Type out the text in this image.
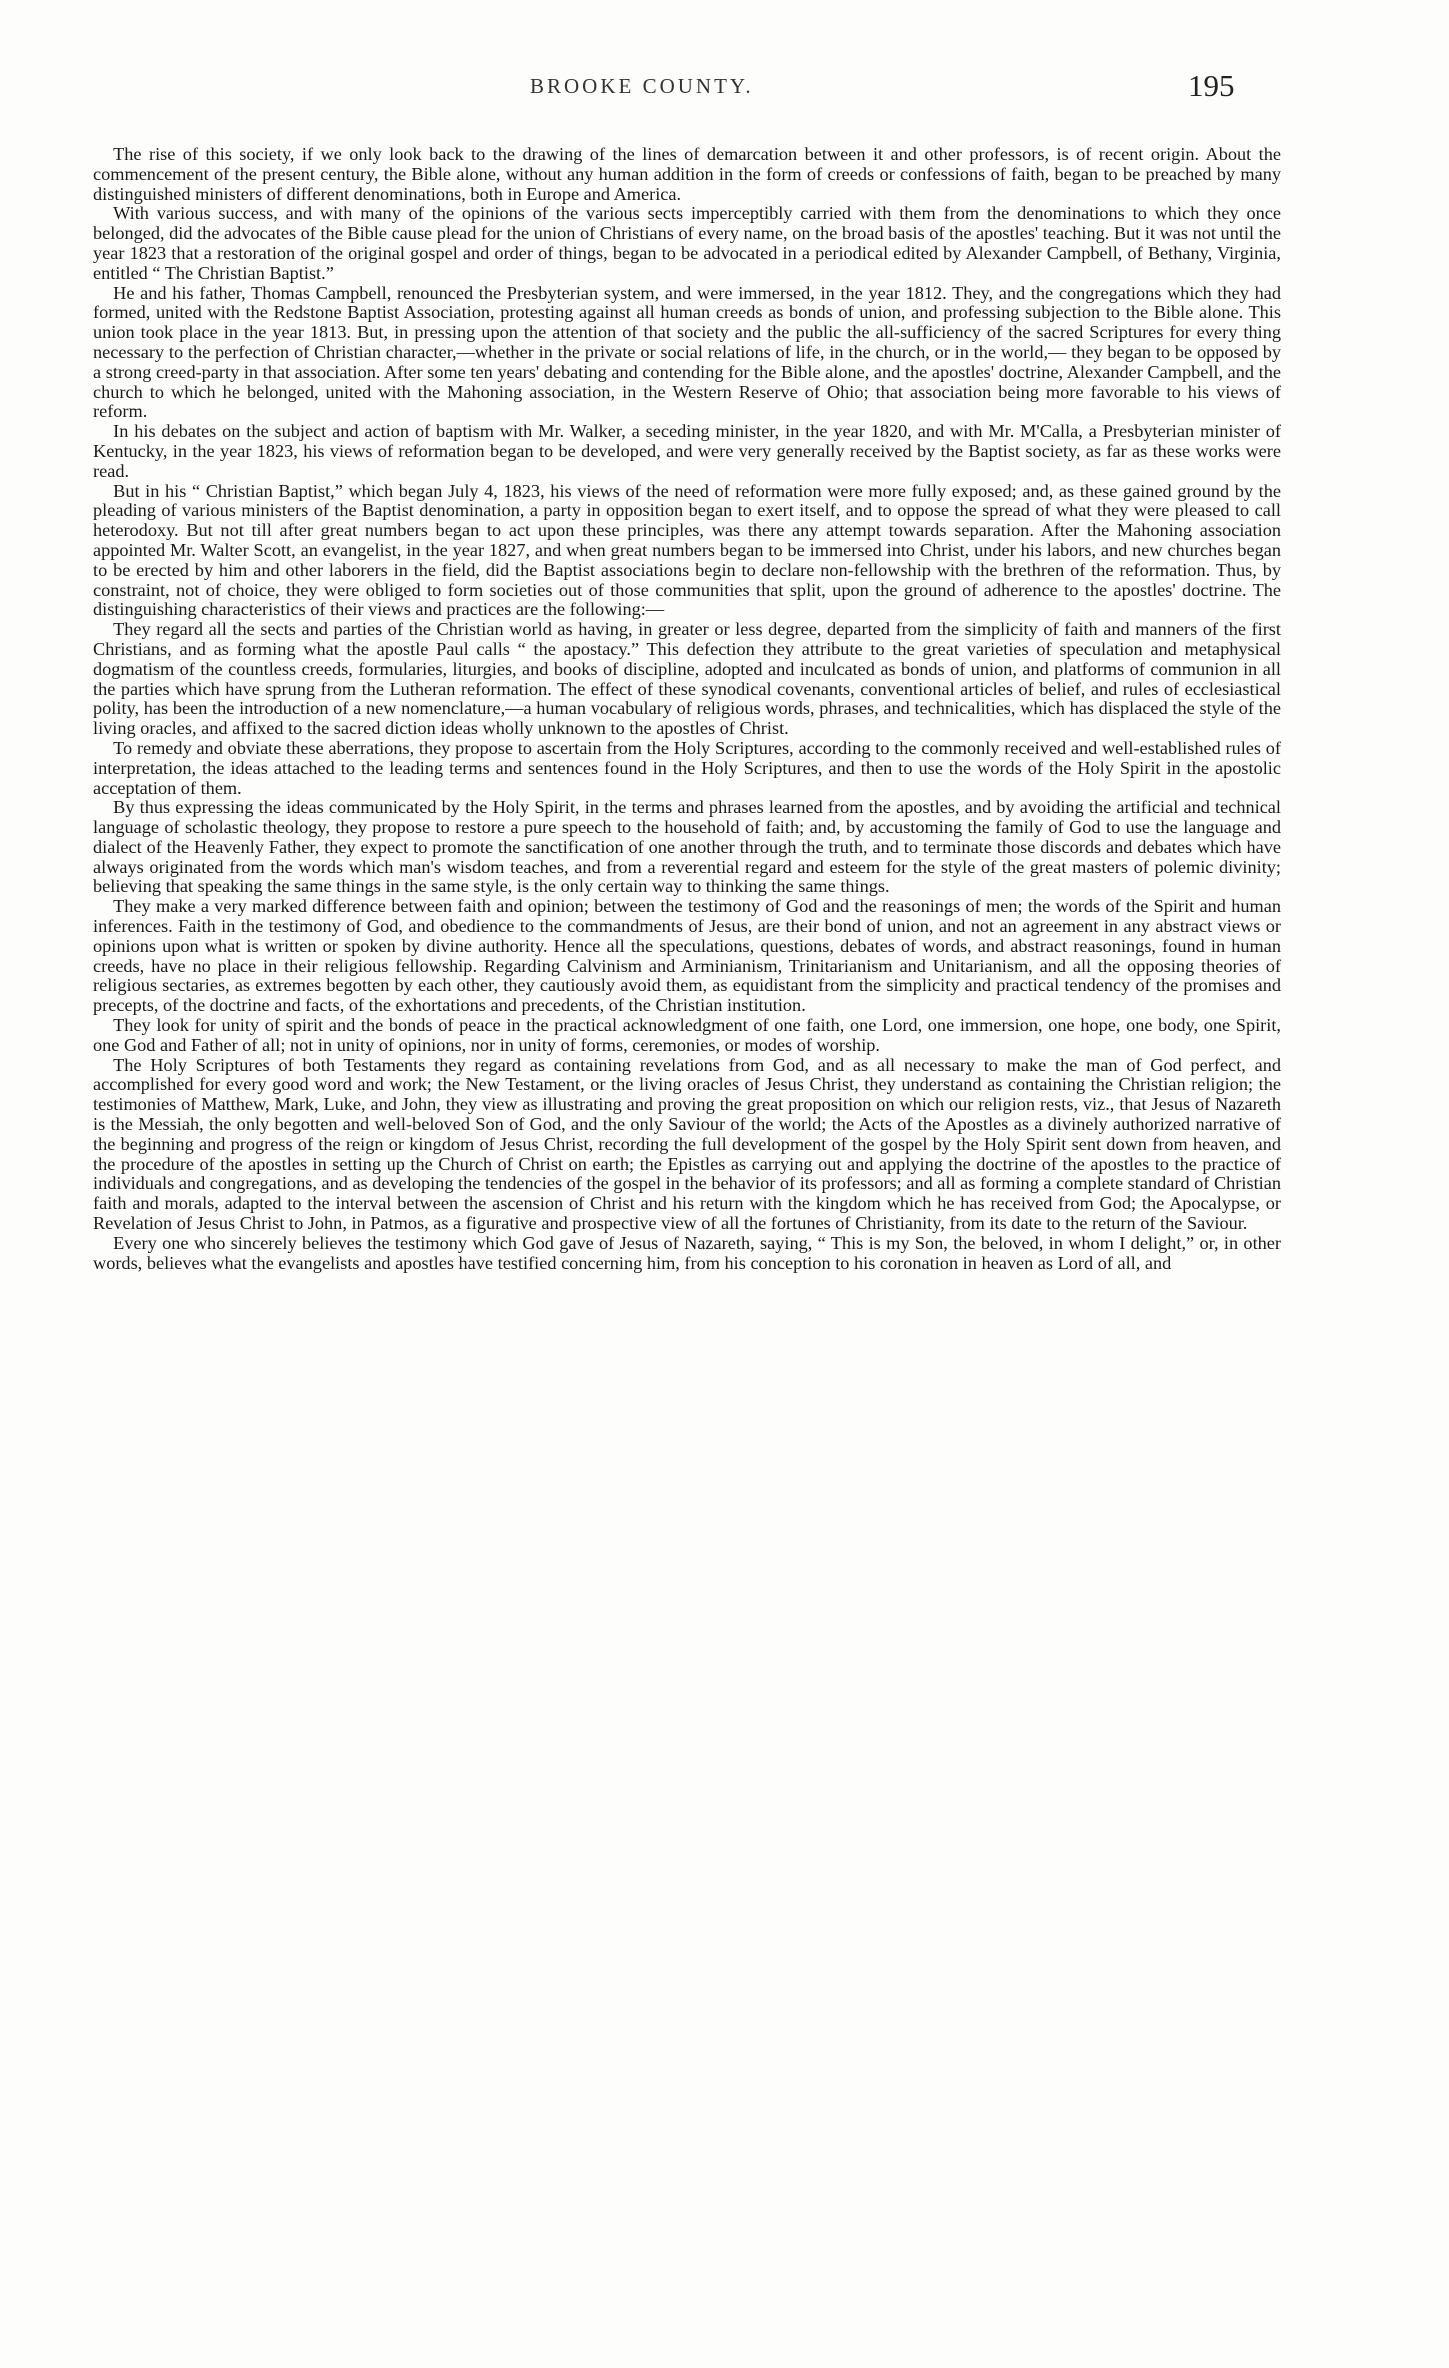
BROOKE COUNTY.	195

The rise of this society, if we only look back to the drawing of the lines of demarcation between it and other professors, is of recent origin. About the commencement of the present century, the Bible alone, without any human addition in the form of creeds or confessions of faith, began to be preached by many distinguished ministers of different denominations, both in Europe and America.

With various success, and with many of the opinions of the various sects imperceptibly carried with them from the denominations to which they once belonged, did the advocates of the Bible cause plead for the union of Christians of every name, on the broad basis of the apostles' teaching. But it was not until the year 1823 that a restoration of the original gospel and order of things, began to be advocated in a periodical edited by Alexander Campbell, of Bethany, Virginia, entitled “ The Christian Baptist.”

He and his father, Thomas Campbell, renounced the Presbyterian system, and were immersed, in the year 1812. They, and the congregations which they had formed, united with the Redstone Baptist Association, protesting against all human creeds as bonds of union, and professing subjection to the Bible alone. This union took place in the year 1813. But, in pressing upon the attention of that society and the public the all-sufficiency of the sacred Scriptures for every thing necessary to the perfection of Christian character,—whether in the private or social relations of life, in the church, or in the world,— they began to be opposed by a strong creed-party in that association. After some ten years' debating and contending for the Bible alone, and the apostles' doctrine, Alexander Campbell, and the church to which he belonged, united with the Mahoning association, in the Western Reserve of Ohio; that association being more favorable to his views of reform.

In his debates on the subject and action of baptism with Mr. Walker, a seceding minister, in the year 1820, and with Mr. M'Calla, a Presbyterian minister of Kentucky, in the year 1823, his views of reformation began to be developed, and were very generally received by the Baptist society, as far as these works were read.

But in his “ Christian Baptist,” which began July 4, 1823, his views of the need of reformation were more fully exposed; and, as these gained ground by the pleading of various ministers of the Baptist denomination, a party in opposition began to exert itself, and to oppose the spread of what they were pleased to call heterodoxy. But not till after great numbers began to act upon these principles, was there any attempt towards separation. After the Mahoning association appointed Mr. Walter Scott, an evangelist, in the year 1827, and when great numbers began to be immersed into Christ, under his labors, and new churches began to be erected by him and other laborers in the field, did the Baptist associations begin to declare non-fellowship with the brethren of the reformation. Thus, by constraint, not of choice, they were obliged to form societies out of those communities that split, upon the ground of adherence to the apostles' doctrine. The distinguishing characteristics of their views and practices are the following:—

They regard all the sects and parties of the Christian world as having, in greater or less degree, departed from the simplicity of faith and manners of the first Christians, and as forming what the apostle Paul calls “ the apostacy.” This defection they attribute to the great varieties of speculation and metaphysical dogmatism of the countless creeds, formularies, liturgies, and books of discipline, adopted and inculcated as bonds of union, and platforms of communion in all the parties which have sprung from the Lutheran reformation. The effect of these synodical covenants, conventional articles of belief, and rules of ecclesiastical polity, has been the introduction of a new nomenclature,—a human vocabulary of religious words, phrases, and technicalities, which has displaced the style of the living oracles, and affixed to the sacred diction ideas wholly unknown to the apostles of Christ.

To remedy and obviate these aberrations, they propose to ascertain from the Holy Scriptures, according to the commonly received and well-established rules of interpretation, the ideas attached to the leading terms and sentences found in the Holy Scriptures, and then to use the words of the Holy Spirit in the apostolic acceptation of them.

By thus expressing the ideas communicated by the Holy Spirit, in the terms and phrases learned from the apostles, and by avoiding the artificial and technical language of scholastic theology, they propose to restore a pure speech to the household of faith; and, by accustoming the family of God to use the language and dialect of the Heavenly Father, they expect to promote the sanctification of one another through the truth, and to terminate those discords and debates which have always originated from the words which man's wisdom teaches, and from a reverential regard and esteem for the style of the great masters of polemic divinity; believing that speaking the same things in the same style, is the only certain way to thinking the same things.

They make a very marked difference between faith and opinion; between the testimony of God and the reasonings of men; the words of the Spirit and human inferences. Faith in the testimony of God, and obedience to the commandments of Jesus, are their bond of union, and not an agreement in any abstract views or opinions upon what is written or spoken by divine authority. Hence all the speculations, questions, debates of words, and abstract reasonings, found in human creeds, have no place in their religious fellowship. Regarding Calvinism and Arminianism, Trinitarianism and Unitarianism, and all the opposing theories of religious sectaries, as extremes begotten by each other, they cautiously avoid them, as equidistant from the simplicity and practical tendency of the promises and precepts, of the doctrine and facts, of the exhortations and precedents, of the Christian institution.

They look for unity of spirit and the bonds of peace in the practical acknowledgment of one faith, one Lord, one immersion, one hope, one body, one Spirit, one God and Father of all; not in unity of opinions, nor in unity of forms, ceremonies, or modes of worship.

The Holy Scriptures of both Testaments they regard as containing revelations from God, and as all necessary to make the man of God perfect, and accomplished for every good word and work; the New Testament, or the living oracles of Jesus Christ, they understand as containing the Christian religion; the testimonies of Matthew, Mark, Luke, and John, they view as illustrating and proving the great proposition on which our religion rests, viz., that Jesus of Nazareth is the Messiah, the only begotten and well-beloved Son of God, and the only Saviour of the world; the Acts of the Apostles as a divinely authorized narrative of the beginning and progress of the reign or kingdom of Jesus Christ, recording the full development of the gospel by the Holy Spirit sent down from heaven, and the procedure of the apostles in setting up the Church of Christ on earth; the Epistles as carrying out and applying the doctrine of the apostles to the practice of individuals and congregations, and as developing the tendencies of the gospel in the behavior of its professors; and all as forming a complete standard of Christian faith and morals, adapted to the interval between the ascension of Christ and his return with the kingdom which he has received from God; the Apocalypse, or Revelation of Jesus Christ to John, in Patmos, as a figurative and prospective view of all the fortunes of Christianity, from its date to the return of the Saviour.

Every one who sincerely believes the testimony which God gave of Jesus of Nazareth, saying, “ This is my Son, the beloved, in whom I delight,” or, in other words, believes what the evangelists and apostles have testified concerning him, from his conception to his coronation in heaven as Lord of all, and
